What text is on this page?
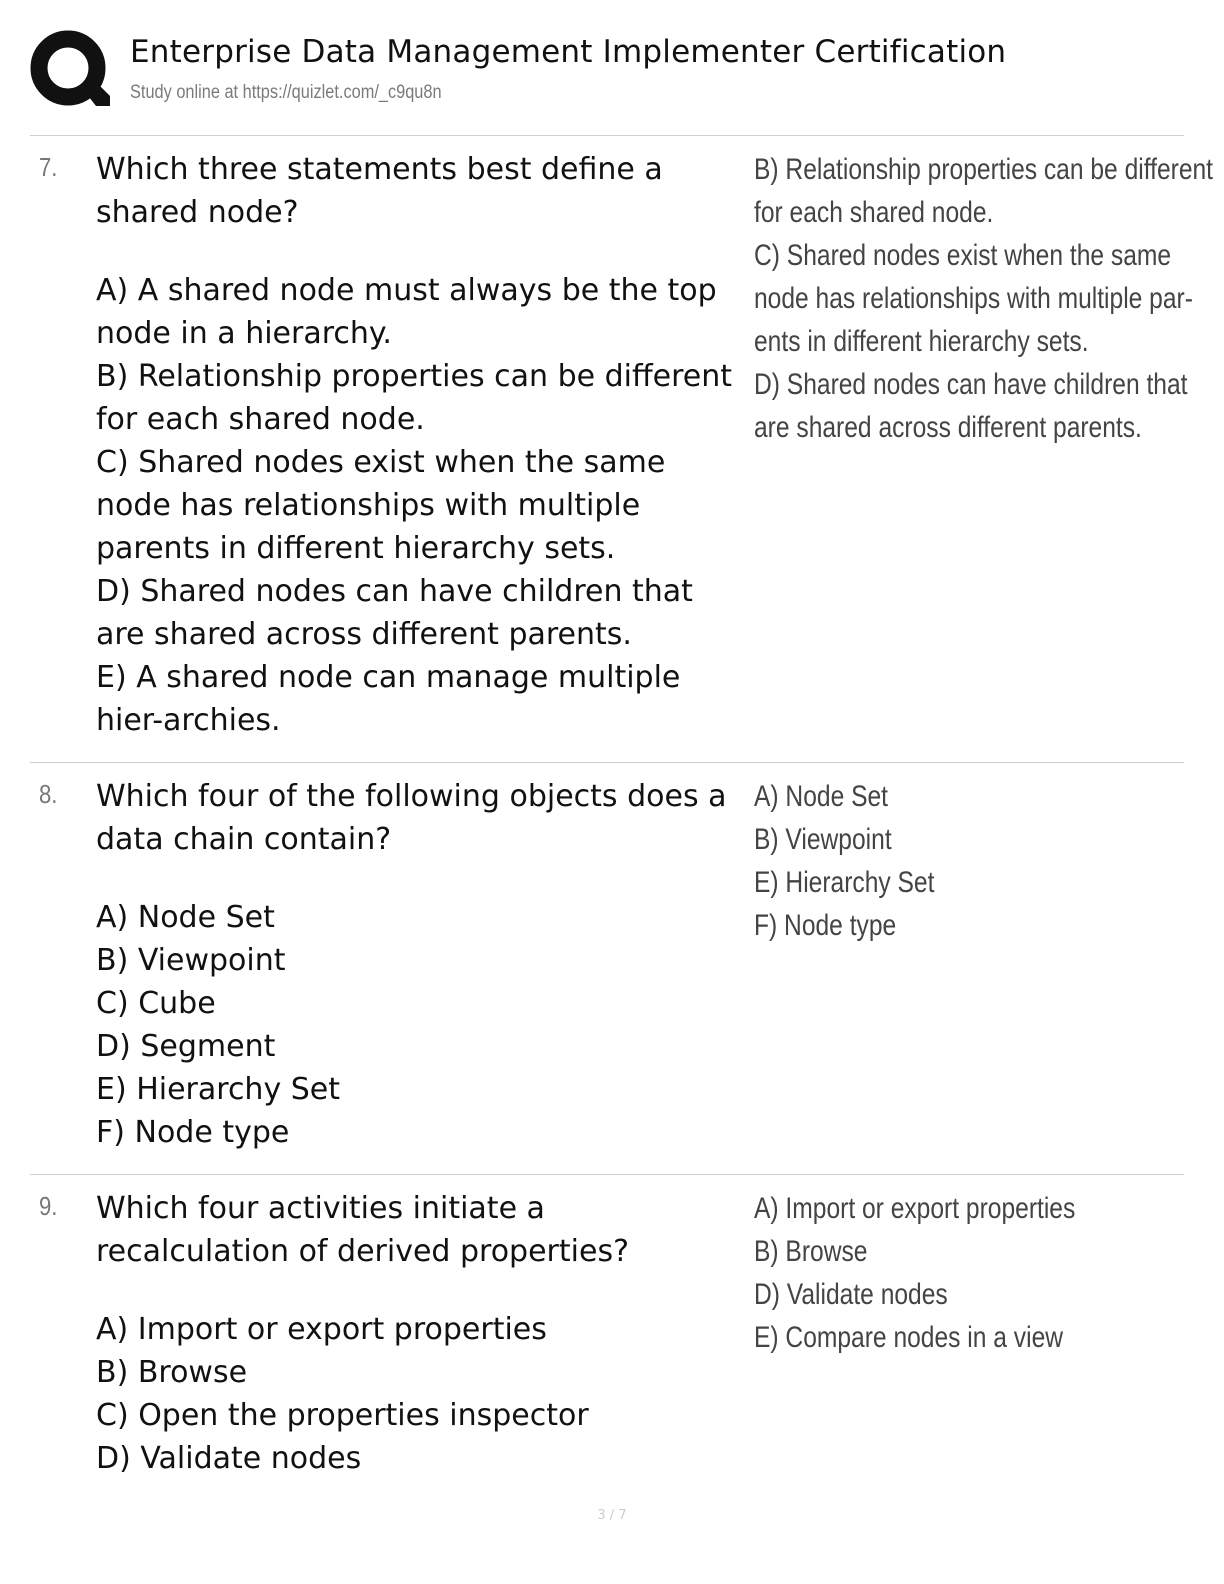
Enterprise Data Management Implementer Certification
Study online at https://quizlet.com/_c9qu8n
7. Which three statements best define a shared node?

A) A shared node must always be the top node in a hierarchy.

B) Relationship properties can be different for each shared node.

C) Shared nodes exist when the same node has relationships with multiple parents in different hierarchy sets.

D) Shared nodes can have children that are shared across different parents.

E) A shared node can manage multiple hier-archies.

B) Relationship properties can be different

for each shared node.

C) Shared nodes exist when the same

node has relationships with multiple par-

ents in different hierarchy sets.

D) Shared nodes can have children that

are shared across different parents.

8. Which four of the following objects does a data chain contain?

A) Node Set

B) Viewpoint

C) Cube

D) Segment

E) Hierarchy Set

F) Node type

A) Node Set

B) Viewpoint

E) Hierarchy Set

F) Node type

9. Which four activities initiate a recalculation of derived properties?

A) Import or export properties

B) Browse

C) Open the properties inspector

D) Validate nodes

A) Import or export properties

B) Browse

D) Validate nodes

E) Compare nodes in a view

3 / 7
